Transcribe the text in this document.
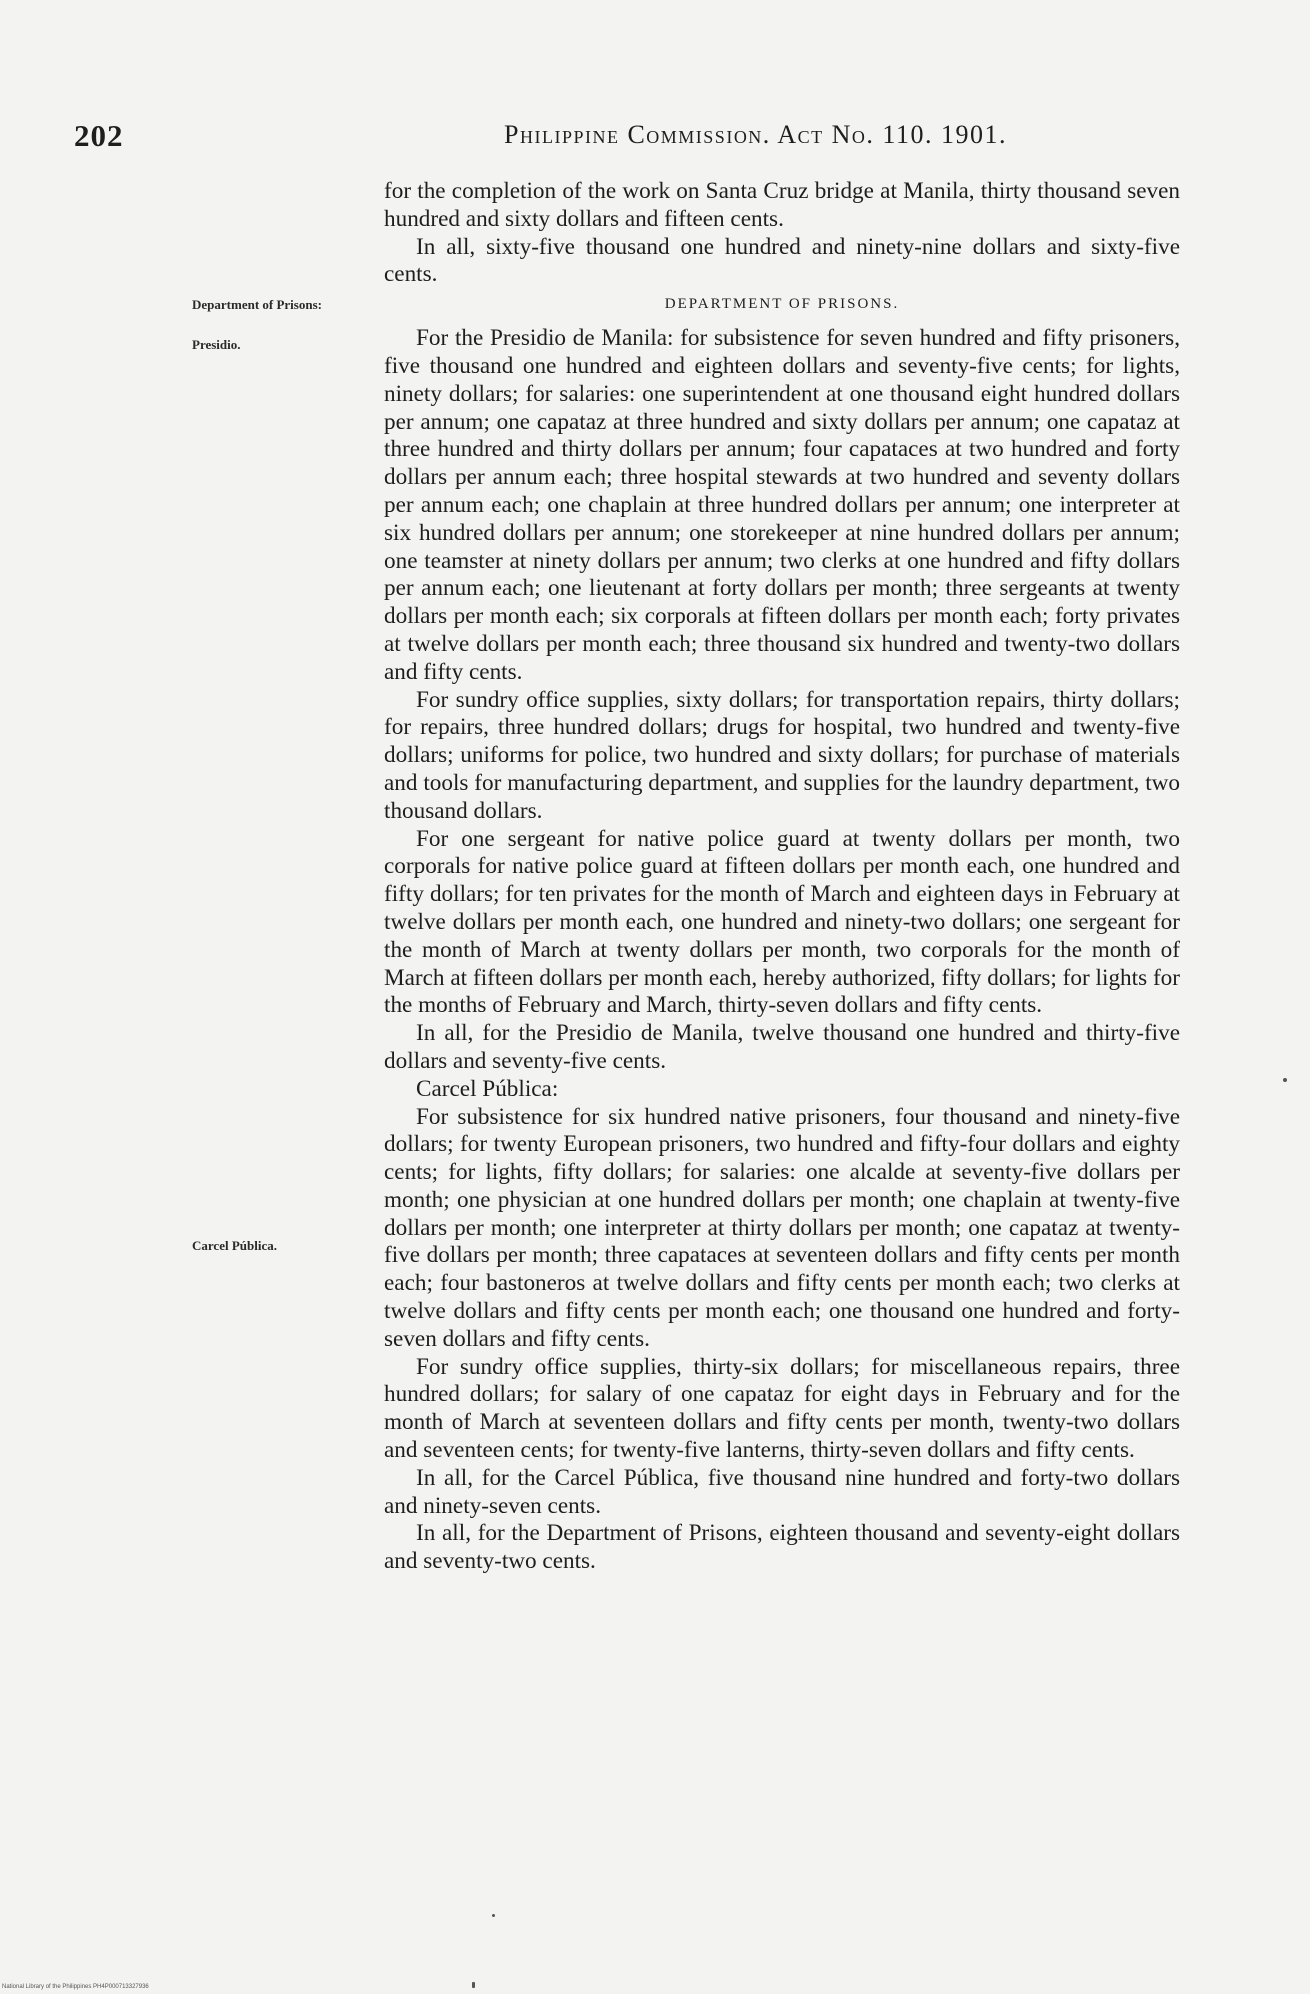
202	Philippine Commission. Act No. 110. 1901.
Department of Prisons:
Presidio.
Carcel Pública.

for the completion of the work on Santa Cruz bridge at Manila, thirty thousand seven hundred and sixty dollars and fifteen cents.

In all, sixty-five thousand one hundred and ninety-nine dollars and sixty-five cents.

DEPARTMENT OF PRISONS.

For the Presidio de Manila: for subsistence for seven hundred and fifty prisoners, five thousand one hundred and eighteen dollars and seventy-five cents; for lights, ninety dollars; for salaries: one superintendent at one thousand eight hundred dollars per annum; one capataz at three hundred and sixty dollars per annum; one capataz at three hundred and thirty dollars per annum; four capataces at two hundred and forty dollars per annum each; three hospital stewards at two hundred and seventy dollars per annum each; one chaplain at three hundred dollars per annum; one interpreter at six hundred dollars per annum; one storekeeper at nine hundred dollars per annum; one teamster at ninety dollars per annum; two clerks at one hundred and fifty dollars per annum each; one lieutenant at forty dollars per month; three sergeants at twenty dollars per month each; six corporals at fifteen dollars per month each; forty privates at twelve dollars per month each; three thousand six hundred and twenty-two dollars and fifty cents.

For sundry office supplies, sixty dollars; for transportation repairs, thirty dollars; for repairs, three hundred dollars; drugs for hospital, two hundred and twenty-five dollars; uniforms for police, two hundred and sixty dollars; for purchase of materials and tools for manufacturing department, and supplies for the laundry department, two thousand dollars.

For one sergeant for native police guard at twenty dollars per month, two corporals for native police guard at fifteen dollars per month each, one hundred and fifty dollars; for ten privates for the month of March and eighteen days in February at twelve dollars per month each, one hundred and ninety-two dollars; one sergeant for the month of March at twenty dollars per month, two corporals for the month of March at fifteen dollars per month each, hereby authorized, fifty dollars; for lights for the months of February and March, thirty-seven dollars and fifty cents.

In all, for the Presidio de Manila, twelve thousand one hundred and thirty-five dollars and seventy-five cents.

Carcel Pública:

For subsistence for six hundred native prisoners, four thousand and ninety-five dollars; for twenty European prisoners, two hundred and fifty-four dollars and eighty cents; for lights, fifty dollars; for salaries: one alcalde at seventy-five dollars per month; one physician at one hundred dollars per month; one chaplain at twenty-five dollars per month; one interpreter at thirty dollars per month; one capataz at twenty-five dollars per month; three capataces at seventeen dollars and fifty cents per month each; four bastoneros at twelve dollars and fifty cents per month each; two clerks at twelve dollars and fifty cents per month each; one thousand one hundred and forty-seven dollars and fifty cents.

For sundry office supplies, thirty-six dollars; for miscellaneous repairs, three hundred dollars; for salary of one capataz for eight days in February and for the month of March at seventeen dollars and fifty cents per month, twenty-two dollars and seventeen cents; for twenty-five lanterns, thirty-seven dollars and fifty cents.

In all, for the Carcel Pública, five thousand nine hundred and forty-two dollars and ninety-seven cents.

In all, for the Department of Prisons, eighteen thousand and seventy-eight dollars and seventy-two cents.

National Library of the Philippines PH4P000713327936
